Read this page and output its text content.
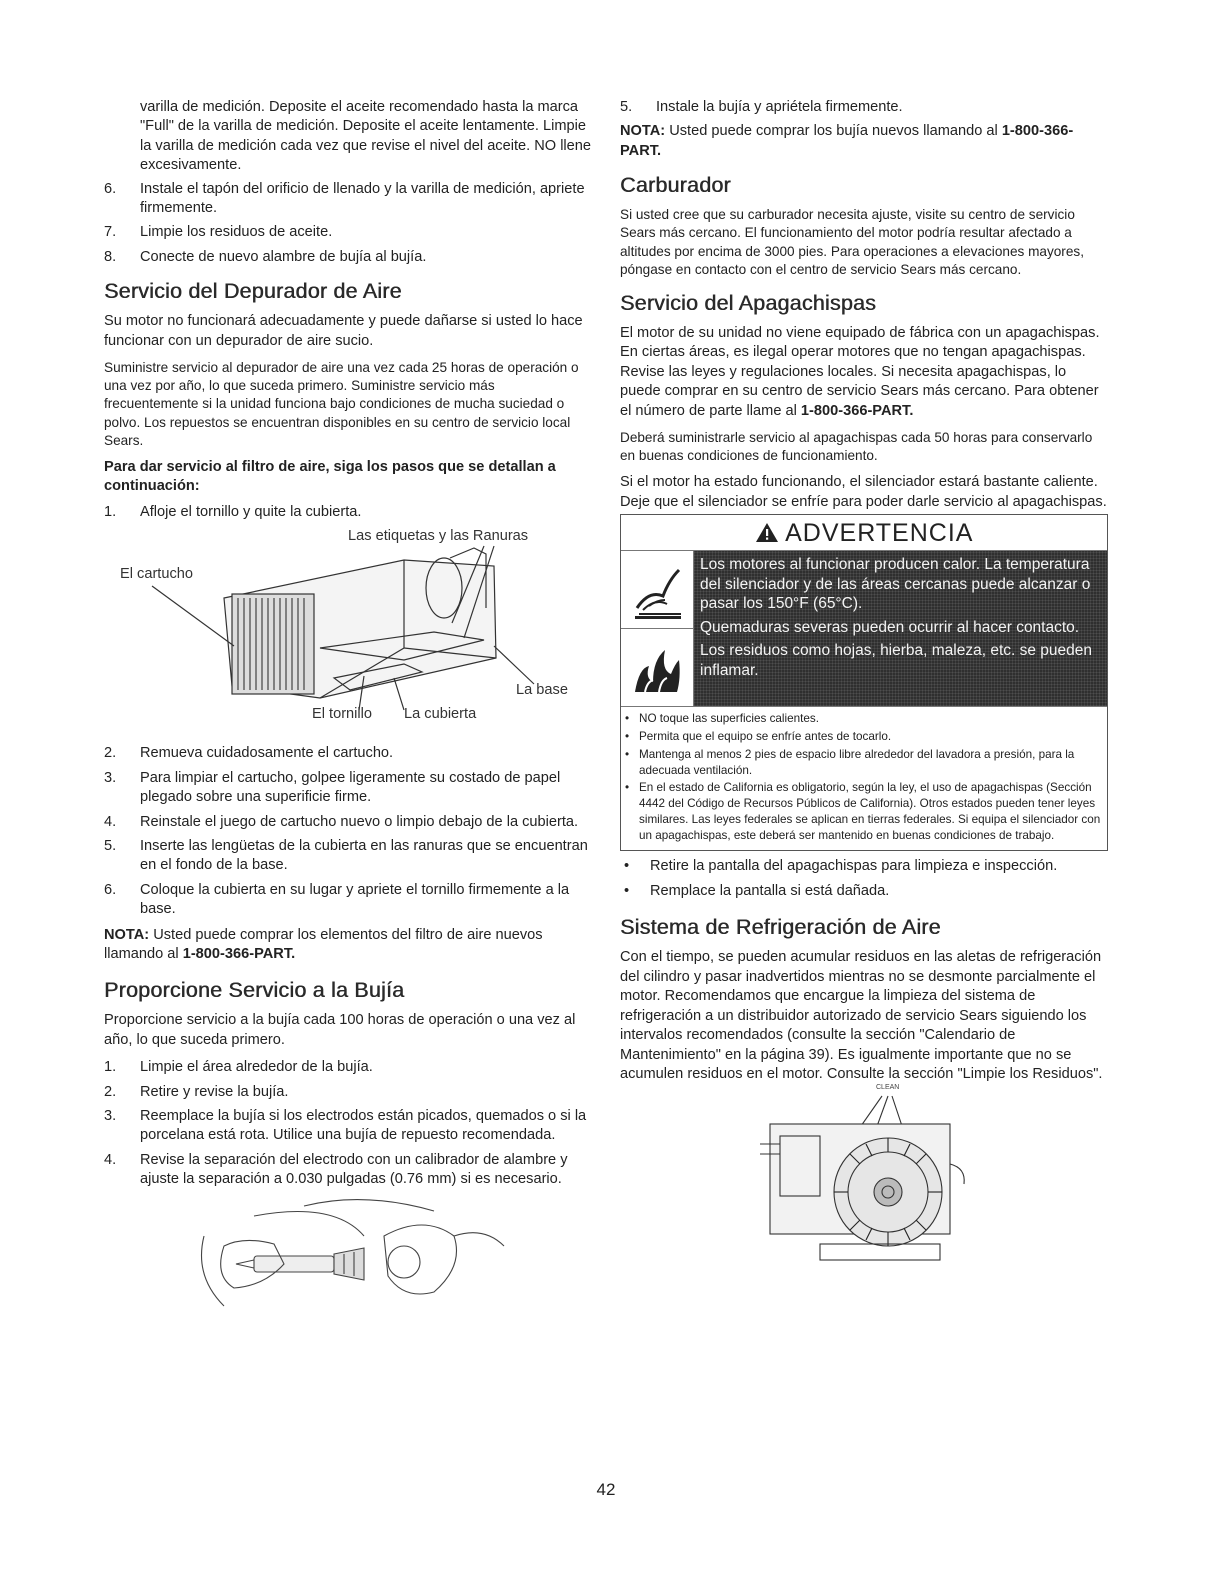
varilla de medición. Deposite el aceite recomendado hasta la marca "Full" de la varilla de medición. Deposite el aceite lentamente. Limpie la varilla de medición cada vez que revise el nivel del aceite. NO llene excesivamente.

6.	Instale el tapón del orificio de llenado y la varilla de medición, apriete firmemente.
7.	Limpie los residuos de aceite.
8.	Conecte de nuevo alambre de bujía al bujía.
Servicio del Depurador de Aire

Su motor no funcionará adecuadamente y puede dañarse si usted lo hace funcionar con un depurador de aire sucio.

Suministre servicio al depurador de aire una vez cada 25 horas de operación o una vez por año, lo que suceda primero. Suministre servicio más frecuentemente si la unidad funciona bajo condiciones de mucha suciedad o polvo. Los repuestos se encuentran disponibles en su centro de servicio local Sears.

Para dar servicio al filtro de aire, siga los pasos que se detallan a continuación:

1.	Afloje el tornillo y quite la cubierta.
Las etiquetas y las Ranuras
El cartucho
La base
El tornillo La cubierta
2.	Remueva cuidadosamente el cartucho.
3.	Para limpiar el cartucho, golpee ligeramente su costado de papel plegado sobre una superificie firme.
4.	Reinstale el juego de cartucho nuevo o limpio debajo de la cubierta.
5.	Inserte las lengüetas de la cubierta en las ranuras que se encuentran en el fondo de la base.
6.	Coloque la cubierta en su lugar y apriete el tornillo firmemente a la base.

NOTA: Usted puede comprar los elementos del filtro de aire nuevos llamando al 1-800-366-PART.

Proporcione Servicio a la Bujía

Proporcione servicio a la bujía cada 100 horas de operación o una vez al año, lo que suceda primero.

1.	Limpie el área alrededor de la bujía.
2.	Retire y revise la bujía.
3.	Reemplace la bujía si los electrodos están picados, quemados o si la porcelana está rota. Utilice una bujía de repuesto recomendada.
4.	Revise la separación del electrodo con un calibrador de alambre y ajuste la separación a 0.030 pulgadas (0.76 mm) si es necesario.
5.	Instale la bujía y apriétela firmemente.

NOTA: Usted puede comprar los bujía nuevos llamando al 1-800-366-PART.

Carburador

Si usted cree que su carburador necesita ajuste, visite su centro de servicio Sears más cercano. El funcionamiento del motor podría resultar afectado a altitudes por encima de 3000 pies. Para operaciones a elevaciones mayores, póngase en contacto con el centro de servicio Sears más cercano.

Servicio del Apagachispas

El motor de su unidad no viene equipado de fábrica con un apagachispas. En ciertas áreas, es ilegal operar motores que no tengan apagachispas. Revise las leyes y regulaciones locales. Si necesita apagachispas, lo puede comprar en su centro de servicio Sears más cercano. Para obtener el número de parte llame al 1-800-366-PART.

Deberá suministrarle servicio al apagachispas cada 50 horas para conservarlo en buenas condiciones de funcionamiento.

Si el motor ha estado funcionando, el silenciador estará bastante caliente. Deje que el silenciador se enfríe para poder darle servicio al apagachispas.

ADVERTENCIA

Los motores al funcionar producen calor. La temperatura del silenciador y de las áreas cercanas puede alcanzar o pasar los 150°F (65°C).

Quemaduras severas pueden ocurrir al hacer contacto.

Los residuos como hojas, hierba, maleza, etc. se pueden inflamar.

• NO toque las superficies calientes.
• Permita que el equipo se enfríe antes de tocarlo.
• Mantenga al menos 2 pies de espacio libre alrededor del lavadora a presión, para la adecuada ventilación.
• En el estado de California es obligatorio, según la ley, el uso de apagachispas (Sección 4442 del Código de Recursos Públicos de California). Otros estados pueden tener leyes similares. Las leyes federales se aplican en tierras federales. Si equipa el silenciador con un apagachispas, este deberá ser mantenido en buenas condiciones de trabajo.
•	Retire la pantalla del apagachispas para limpieza e inspección.
•	Remplace la pantalla si está dañada.
Sistema de Refrigeración de Aire

Con el tiempo, se pueden acumular residuos en las aletas de refrigeración del cilindro y pasar inadvertidos mientras no se desmonte parcialmente el motor. Recomendamos que encargue la limpieza del sistema de refrigeración a un distribuidor autorizado de servicio Sears siguiendo los intervalos recomendados (consulte la sección "Calendario de Mantenimiento" en la página 39). Es igualmente importante que no se acumulen residuos en el motor. Consulte la sección "Limpie los Residuos".

CLEAN
42
